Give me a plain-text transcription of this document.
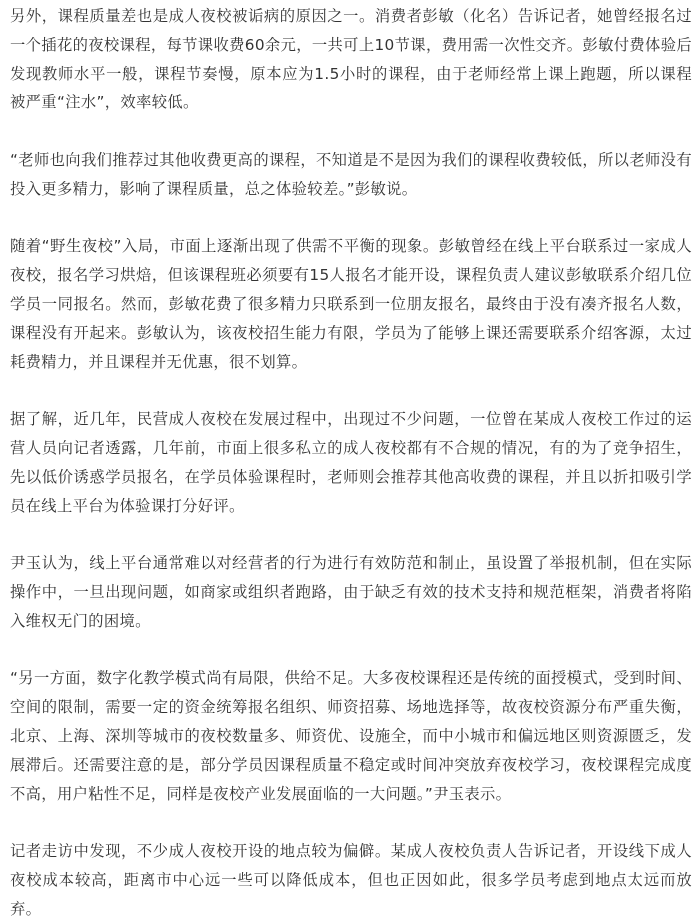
另外，课程质量差也是成人夜校被诟病的原因之一。消费者彭敏（化名）告诉记者，她曾经报名过一个插花的夜校课程，每节课收费60余元，一共可上10节课，费用需一次性交齐。彭敏付费体验后发现教师水平一般，课程节奏慢，原本应为1.5小时的课程，由于老师经常上课上跑题，所以课程被严重“注水”，效率较低。

“老师也向我们推荐过其他收费更高的课程，不知道是不是因为我们的课程收费较低，所以老师没有投入更多精力，影响了课程质量，总之体验较差。”彭敏说。

随着“野生夜校”入局，市面上逐渐出现了供需不平衡的现象。彭敏曾经在线上平台联系过一家成人夜校，报名学习烘焙，但该课程班必须要有15人报名才能开设，课程负责人建议彭敏联系介绍几位学员一同报名。然而，彭敏花费了很多精力只联系到一位朋友报名，最终由于没有凑齐报名人数，课程没有开起来。彭敏认为，该夜校招生能力有限，学员为了能够上课还需要联系介绍客源，太过耗费精力，并且课程并无优惠，很不划算。

据了解，近几年，民营成人夜校在发展过程中，出现过不少问题，一位曾在某成人夜校工作过的运营人员向记者透露，几年前，市面上很多私立的成人夜校都有不合规的情况，有的为了竞争招生，先以低价诱惑学员报名，在学员体验课程时，老师则会推荐其他高收费的课程，并且以折扣吸引学员在线上平台为体验课打分好评。

尹玉认为，线上平台通常难以对经营者的行为进行有效防范和制止，虽设置了举报机制，但在实际操作中，一旦出现问题，如商家或组织者跑路，由于缺乏有效的技术支持和规范框架，消费者将陷入维权无门的困境。

“另一方面，数字化教学模式尚有局限，供给不足。大多夜校课程还是传统的面授模式，受到时间、空间的限制，需要一定的资金统筹报名组织、师资招募、场地选择等，故夜校资源分布严重失衡，北京、上海、深圳等城市的夜校数量多、师资优、设施全，而中小城市和偏远地区则资源匮乏，发展滞后。还需要注意的是，部分学员因课程质量不稳定或时间冲突放弃夜校学习，夜校课程完成度不高，用户粘性不足，同样是夜校产业发展面临的一大问题。”尹玉表示。

记者走访中发现，不少成人夜校开设的地点较为偏僻。某成人夜校负责人告诉记者，开设线下成人夜校成本较高，距离市中心远一些可以降低成本，但也正因如此，很多学员考虑到地点太远而放弃。
